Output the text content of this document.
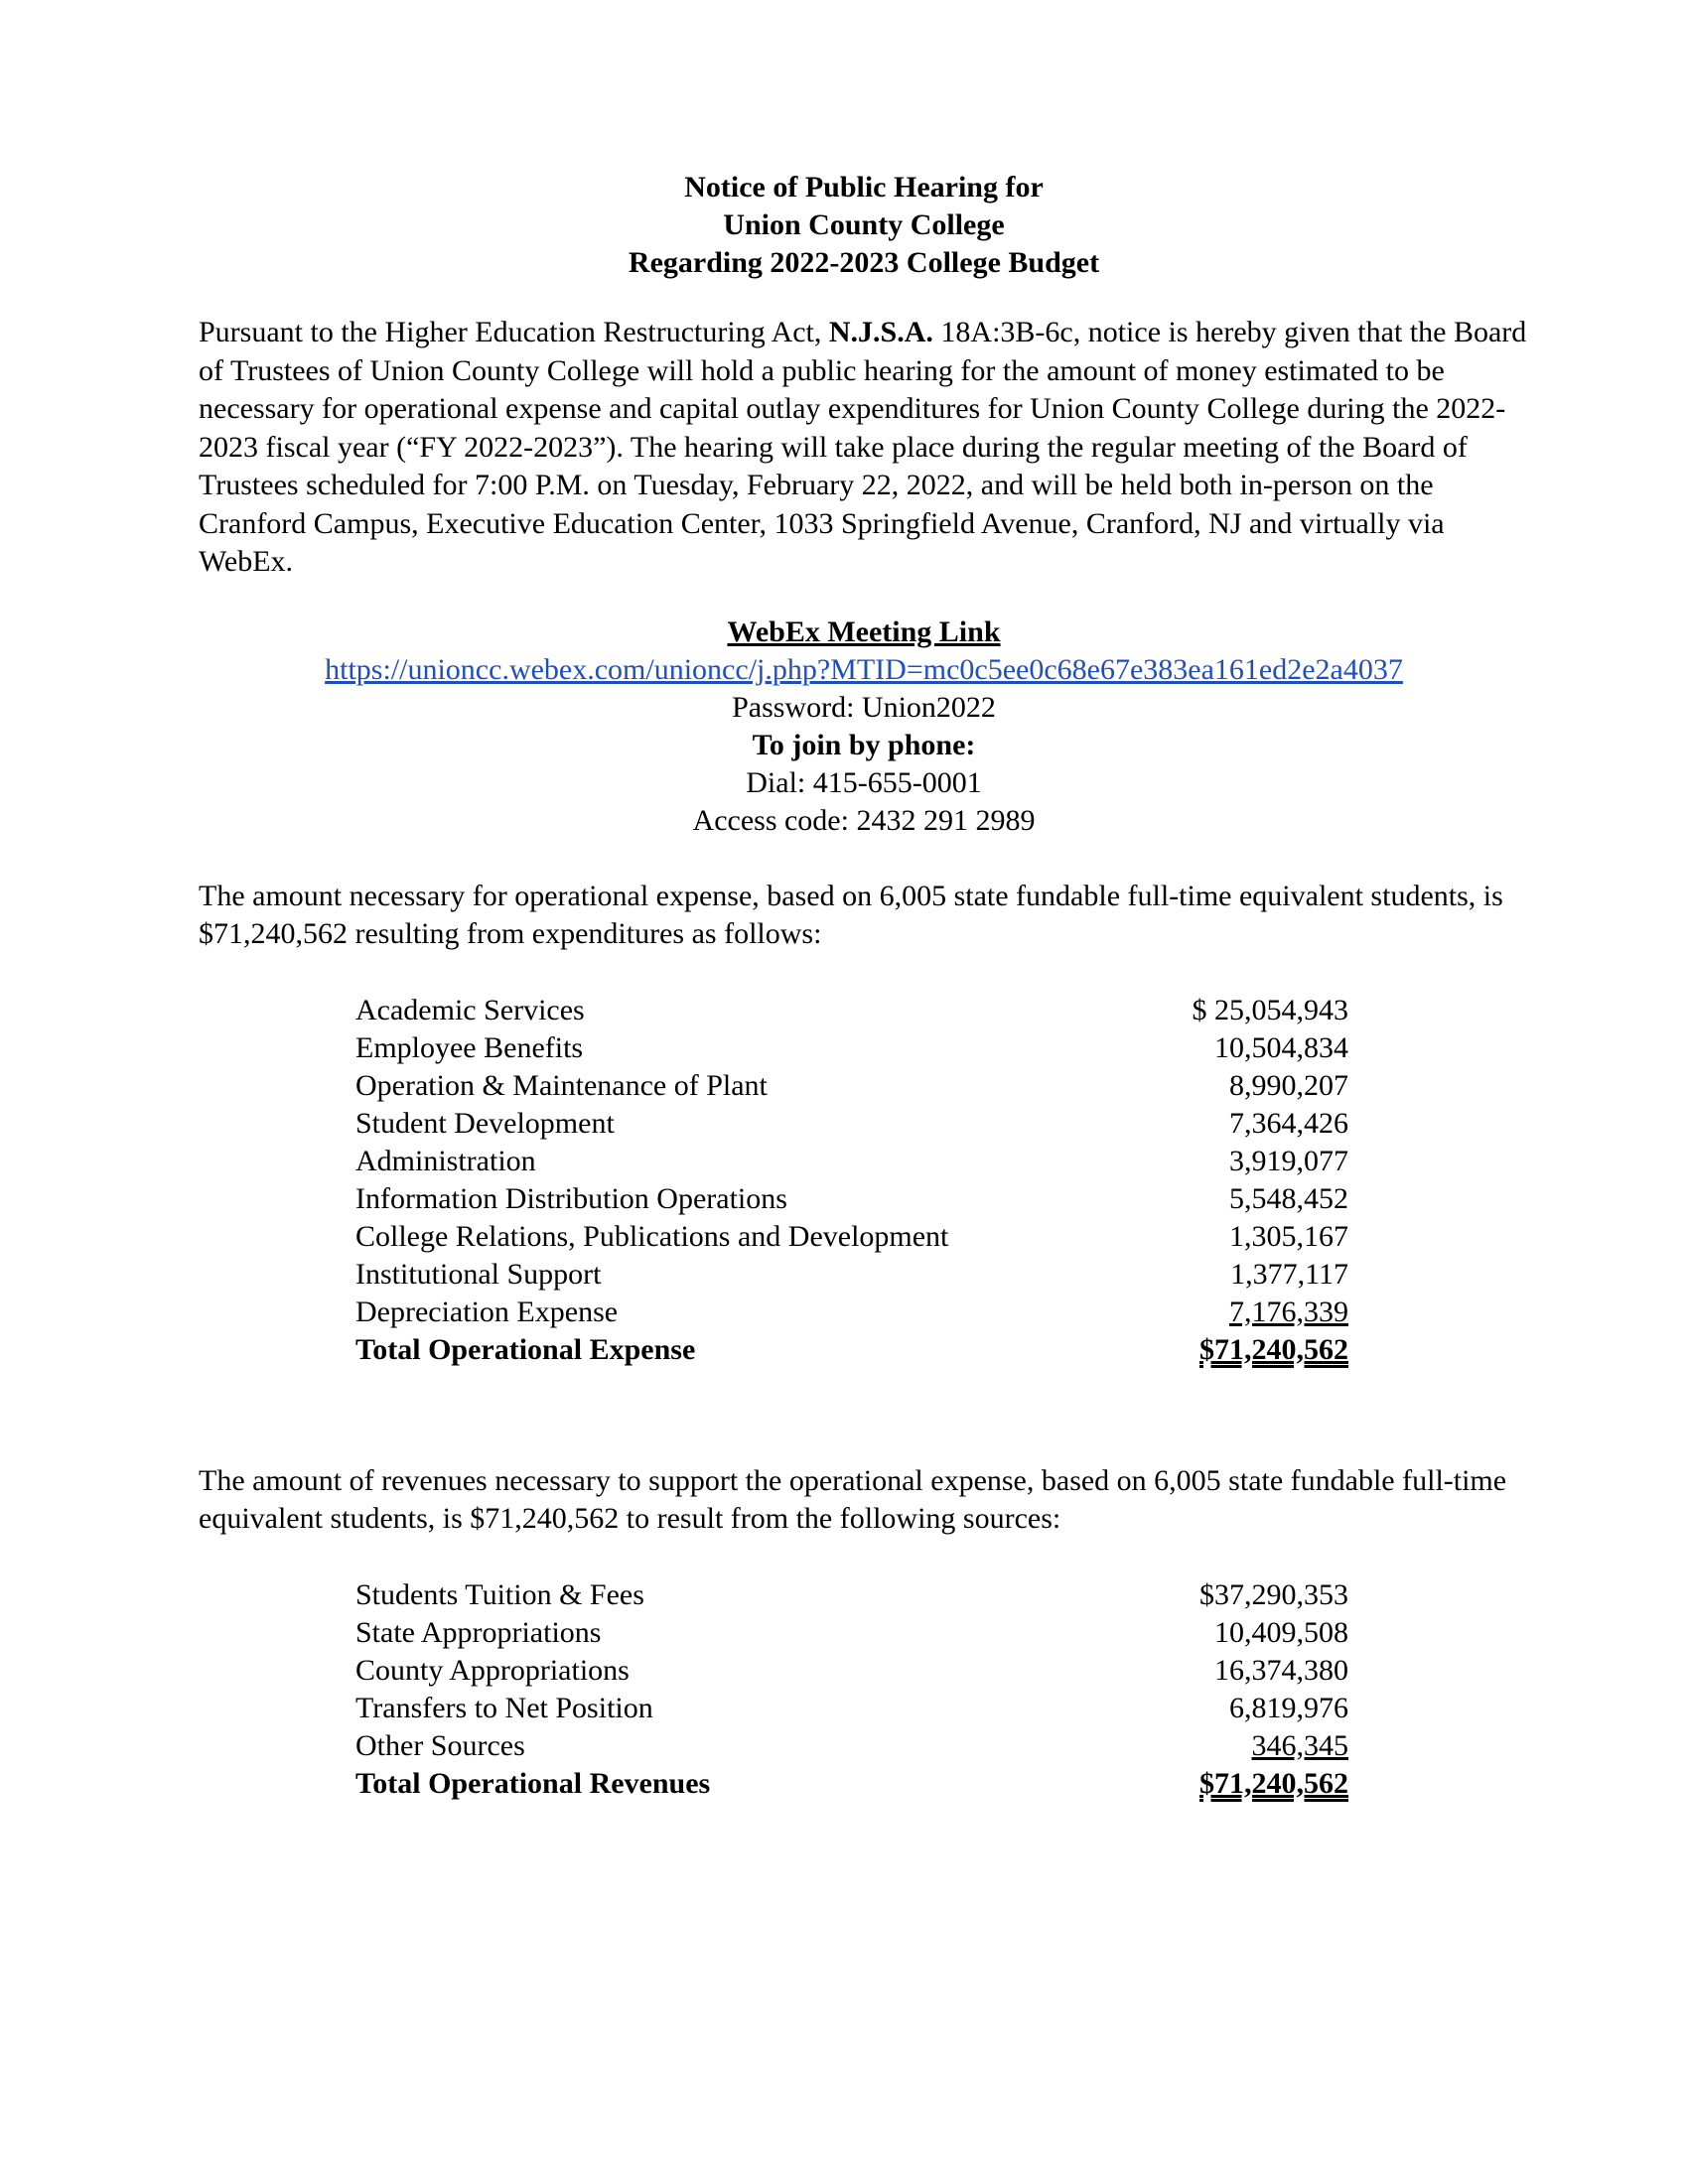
Notice of Public Hearing for
Union County College
Regarding 2022-2023 College Budget
Pursuant to the Higher Education Restructuring Act, N.J.S.A. 18A:3B-6c, notice is hereby given that the Board of Trustees of Union County College will hold a public hearing for the amount of money estimated to be necessary for operational expense and capital outlay expenditures for Union County College during the 2022-2023 fiscal year (“FY 2022-2023”). The hearing will take place during the regular meeting of the Board of Trustees scheduled for 7:00 P.M. on Tuesday, February 22, 2022, and will be held both in-person on the Cranford Campus, Executive Education Center, 1033 Springfield Avenue, Cranford, NJ and virtually via WebEx.
WebEx Meeting Link
https://unioncc.webex.com/unioncc/j.php?MTID=mc0c5ee0c68e67e383ea161ed2e2a4037
Password: Union2022
To join by phone:
Dial: 415-655-0001
Access code: 2432 291 2989
The amount necessary for operational expense, based on 6,005 state fundable full-time equivalent students, is $71,240,562 resulting from expenditures as follows:
Academic Services	$ 25,054,943
Employee Benefits	10,504,834
Operation & Maintenance of Plant	8,990,207
Student Development	7,364,426
Administration	3,919,077
Information Distribution Operations	5,548,452
College Relations, Publications and Development	1,305,167
Institutional Support	1,377,117
Depreciation Expense	7,176,339
Total Operational Expense	$71,240,562
The amount of revenues necessary to support the operational expense, based on 6,005 state fundable full-time equivalent students, is $71,240,562 to result from the following sources:
Students Tuition & Fees	$37,290,353
State Appropriations	10,409,508
County Appropriations	16,374,380
Transfers to Net Position	6,819,976
Other Sources	346,345
Total Operational Revenues	$71,240,562
